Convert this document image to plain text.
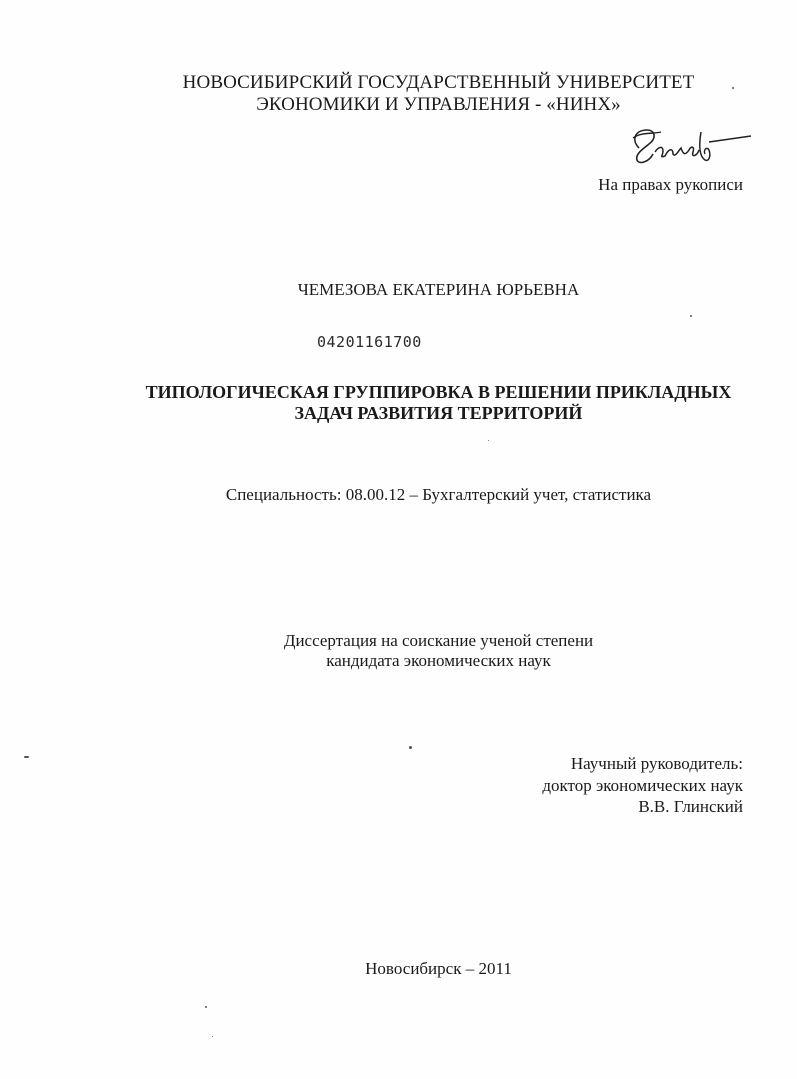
НОВОСИБИРСКИЙ ГОСУДАРСТВЕННЫЙ УНИВЕРСИТЕТ
ЭКОНОМИКИ И УПРАВЛЕНИЯ - «НИНХ»
На правах рукописи
ЧЕМЕЗОВА ЕКАТЕРИНА ЮРЬЕВНА
04201161700
ТИПОЛОГИЧЕСКАЯ ГРУППИРОВКА В РЕШЕНИИ ПРИКЛАДНЫХ
ЗАДАЧ РАЗВИТИЯ ТЕРРИТОРИЙ
Специальность: 08.00.12 – Бухгалтерский учет, статистика
Диссертация на соискание ученой степени
кандидата экономических наук
Научный руководитель:
доктор экономических наук
В.В. Глинский
Новосибирск – 2011
